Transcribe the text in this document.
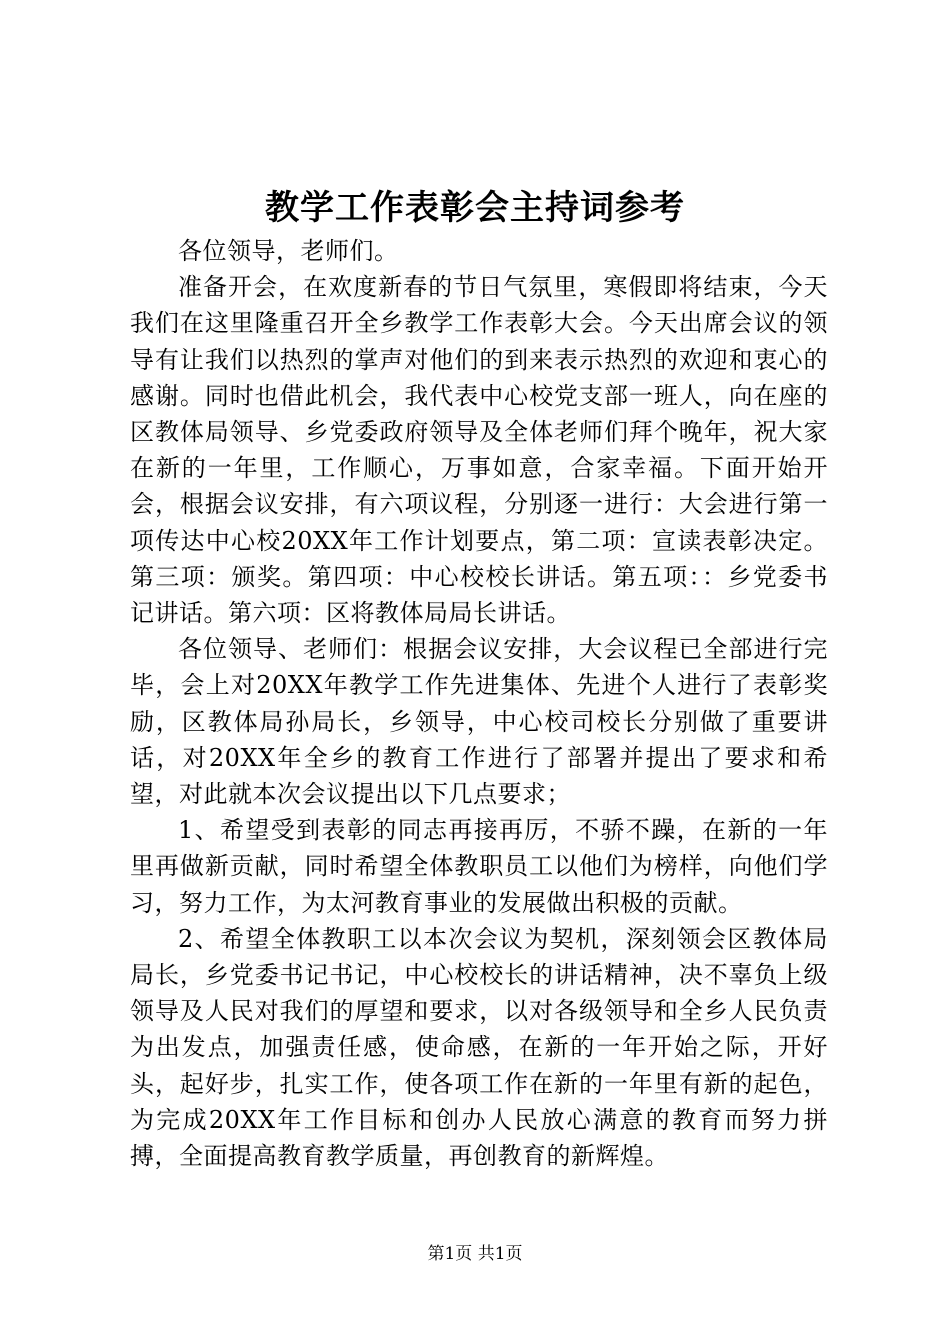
教学工作表彰会主持词参考

各位领导，老师们。

准备开会，在欢度新春的节日气氛里，寒假即将结束，今天我们在这里隆重召开全乡教学工作表彰大会。今天出席会议的领导有让我们以热烈的掌声对他们的到来表示热烈的欢迎和衷心的感谢。同时也借此机会，我代表中心校党支部一班人，向在座的区教体局领导、乡党委政府领导及全体老师们拜个晚年，祝大家在新的一年里，工作顺心，万事如意，合家幸福。下面开始开会，根据会议安排，有六项议程，分别逐一进行：大会进行第一项传达中心校20XX年工作计划要点，第二项：宣读表彰决定。第三项：颁奖。第四项：中心校校长讲话。第五项：：乡党委书记讲话。第六项：区将教体局局长讲话。

各位领导、老师们：根据会议安排，大会议程已全部进行完毕，会上对20XX年教学工作先进集体、先进个人进行了表彰奖励，区教体局孙局长，乡领导，中心校司校长分别做了重要讲话，对20XX年全乡的教育工作进行了部署并提出了要求和希望，对此就本次会议提出以下几点要求；

1、希望受到表彰的同志再接再厉，不骄不躁，在新的一年里再做新贡献，同时希望全体教职员工以他们为榜样，向他们学习，努力工作，为太河教育事业的发展做出积极的贡献。

2、希望全体教职工以本次会议为契机，深刻领会区教体局局长，乡党委书记书记，中心校校长的讲话精神，决不辜负上级领导及人民对我们的厚望和要求，以对各级领导和全乡人民负责为出发点，加强责任感，使命感，在新的一年开始之际，开好头，起好步，扎实工作，使各项工作在新的一年里有新的起色，为完成20XX年工作目标和创办人民放心满意的教育而努力拼搏，全面提高教育教学质量，再创教育的新辉煌。

第1页 共1页
